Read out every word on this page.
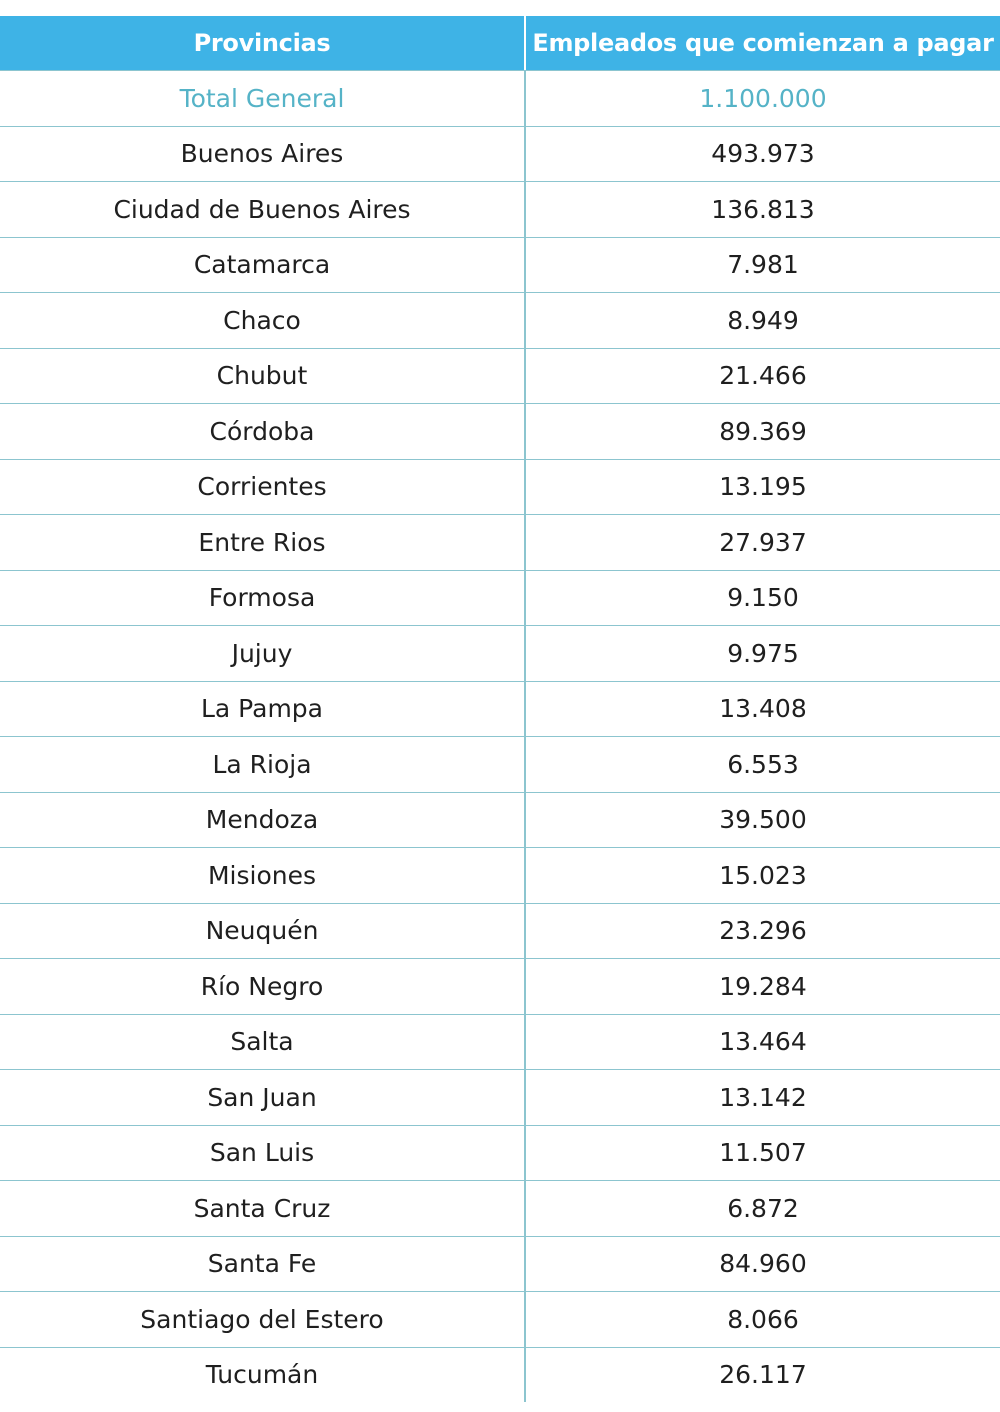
Provincias	Empleados que comienzan a pagar
Total General	1.100.000
Buenos Aires	493.973
Ciudad de Buenos Aires	136.813
Catamarca	7.981
Chaco	8.949
Chubut	21.466
Córdoba	89.369
Corrientes	13.195
Entre Rios	27.937
Formosa	9.150
Jujuy	9.975
La Pampa	13.408
La Rioja	6.553
Mendoza	39.500
Misiones	15.023
Neuquén	23.296
Río Negro	19.284
Salta	13.464
San Juan	13.142
San Luis	11.507
Santa Cruz	6.872
Santa Fe	84.960
Santiago del Estero	8.066
Tucumán	26.117
